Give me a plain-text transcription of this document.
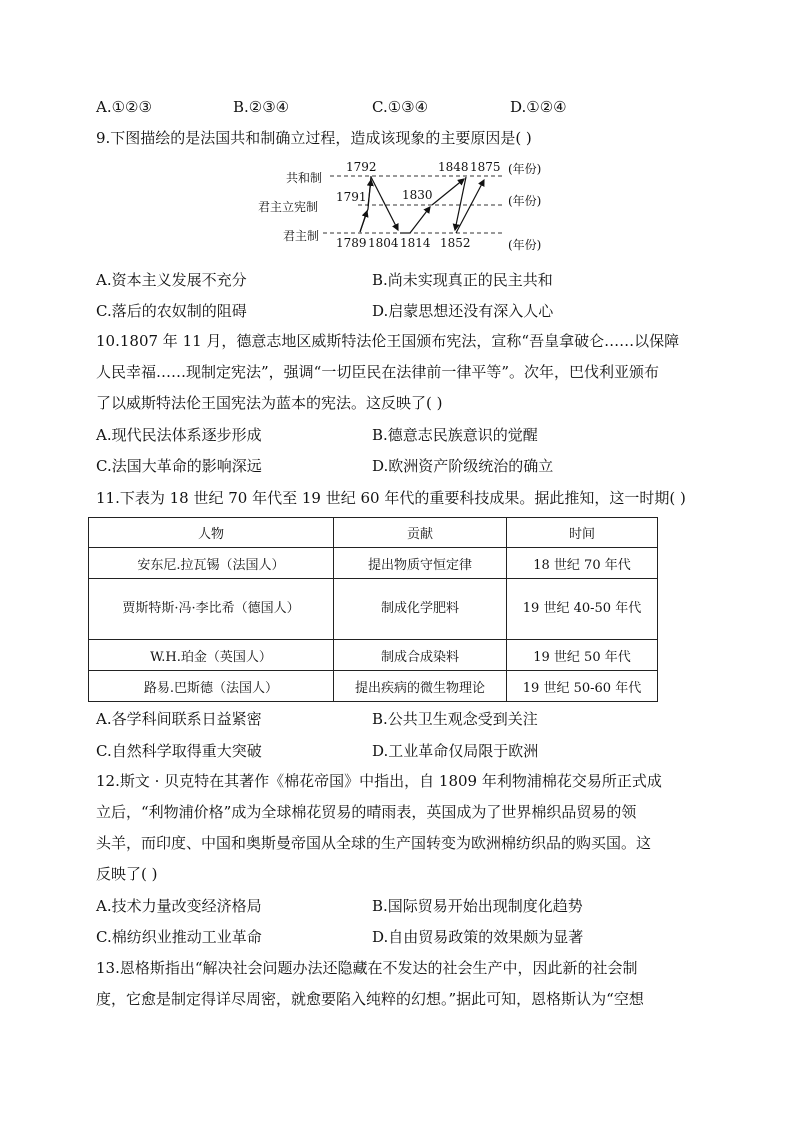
A.①②③	B.②③④	C.①③④	D.①②④
9.下图描绘的是法国共和制确立过程，造成该现象的主要原因是( )
共和制
君主立宪制
君主制
(年份)
(年份)
(年份)
1792	1848 1875
1791	1830
1789 1804 1814 1852
A.资本主义发展不充分	B.尚未实现真正的民主共和
C.落后的农奴制的阻碍	D.启蒙思想还没有深入人心
10.1807 年 11 月，德意志地区威斯特法伦王国颁布宪法，宣称“吾皇拿破仑……以保障
人民幸福……现制定宪法”，强调“一切臣民在法律前一律平等”。次年，巴伐利亚颁布
了以威斯特法伦王国宪法为蓝本的宪法。这反映了( )
A.现代民法体系逐步形成	B.德意志民族意识的觉醒
C.法国大革命的影响深远	D.欧洲资产阶级统治的确立
11.下表为 18 世纪 70 年代至 19 世纪 60 年代的重要科技成果。据此推知，这一时期( )
人物	贡献	时间
安东尼.拉瓦锡（法国人）	提出物质守恒定律	18 世纪 70 年代
贾斯特斯·冯·李比希（德国人）	制成化学肥料	19 世纪 40-50 年代
W.H.珀金（英国人）	制成合成染料	19 世纪 50 年代
路易.巴斯德（法国人）	提出疾病的微生物理论	19 世纪 50-60 年代
A.各学科间联系日益紧密	B.公共卫生观念受到关注
C.自然科学取得重大突破	D.工业革命仅局限于欧洲
12.斯文 · 贝克特在其著作《棉花帝国》中指出，自 1809 年利物浦棉花交易所正式成
立后，“利物浦价格”成为全球棉花贸易的晴雨表，英国成为了世界棉织品贸易的领
头羊，而印度、中国和奥斯曼帝国从全球的生产国转变为欧洲棉纺织品的购买国。这
反映了( )
A.技术力量改变经济格局	B.国际贸易开始出现制度化趋势
C.棉纺织业推动工业革命	D.自由贸易政策的效果颇为显著
13.恩格斯指出“解决社会问题办法还隐藏在不发达的社会生产中，因此新的社会制
度，它愈是制定得详尽周密，就愈要陷入纯粹的幻想。”据此可知，恩格斯认为“空想
